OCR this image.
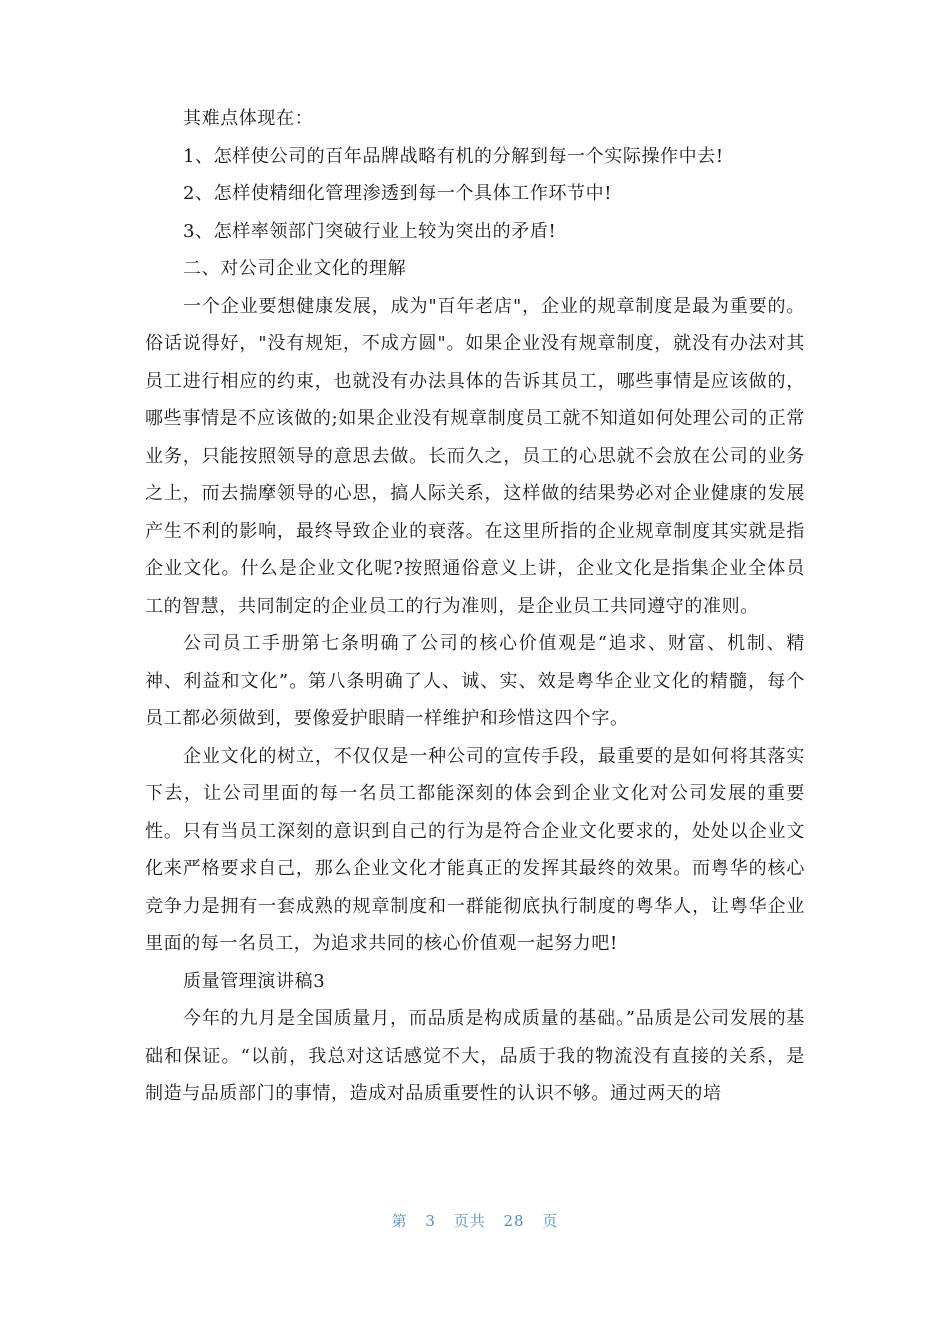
其难点体现在：

1、怎样使公司的百年品牌战略有机的分解到每一个实际操作中去!

2、怎样使精细化管理渗透到每一个具体工作环节中!

3、怎样率领部门突破行业上较为突出的矛盾!

二、对公司企业文化的理解

一个企业要想健康发展，成为"百年老店"，企业的规章制度是最为重要的。俗话说得好，"没有规矩，不成方圆"。如果企业没有规章制度，就没有办法对其员工进行相应的约束，也就没有办法具体的告诉其员工，哪些事情是应该做的，哪些事情是不应该做的;如果企业没有规章制度员工就不知道如何处理公司的正常业务，只能按照领导的意思去做。长而久之，员工的心思就不会放在公司的业务之上，而去揣摩领导的心思，搞人际关系，这样做的结果势必对企业健康的发展产生不利的影响，最终导致企业的衰落。在这里所指的企业规章制度其实就是指企业文化。什么是企业文化呢?按照通俗意义上讲，企业文化是指集企业全体员工的智慧，共同制定的企业员工的行为准则，是企业员工共同遵守的准则。

公司员工手册第七条明确了公司的核心价值观是“追求、财富、机制、精神、利益和文化”。第八条明确了人、诚、实、效是粤华企业文化的精髓，每个员工都必须做到，要像爱护眼睛一样维护和珍惜这四个字。

企业文化的树立，不仅仅是一种公司的宣传手段，最重要的是如何将其落实下去，让公司里面的每一名员工都能深刻的体会到企业文化对公司发展的重要性。只有当员工深刻的意识到自己的行为是符合企业文化要求的，处处以企业文化来严格要求自己，那么企业文化才能真正的发挥其最终的效果。而粤华的核心竞争力是拥有一套成熟的规章制度和一群能彻底执行制度的粤华人，让粤华企业里面的每一名员工，为追求共同的核心价值观一起努力吧!

质量管理演讲稿3

今年的九月是全国质量月，而品质是构成质量的基础。”品质是公司发展的基础和保证。“以前，我总对这话感觉不大，品质于我的物流没有直接的关系，是制造与品质部门的事情，造成对品质重要性的认识不够。通过两天的培

第 3 页共 28 页
